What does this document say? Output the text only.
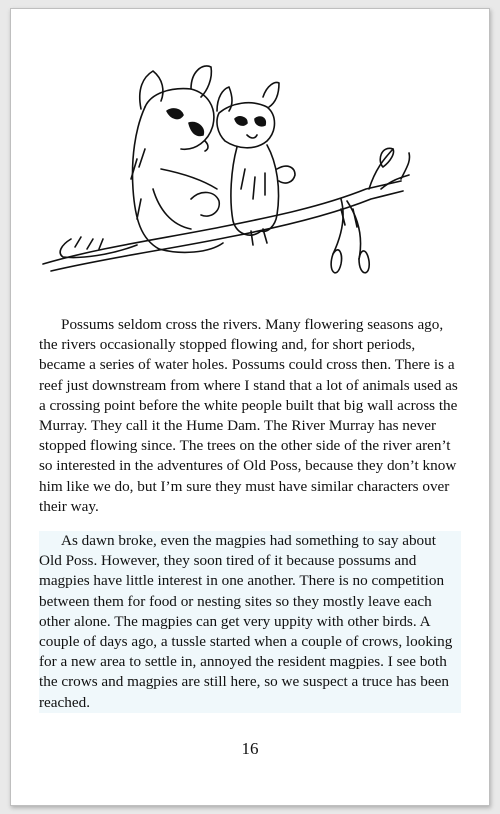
Possums seldom cross the rivers. Many flowering seasons ago, the rivers occasionally stopped flowing and, for short periods, became a series of water holes. Possums could cross then. There is a reef just downstream from where I stand that a lot of animals used as a crossing point before the white people built that big wall across the Murray. They call it the Hume Dam. The River Murray has never stopped flowing since. The trees on the other side of the river aren’t so interested in the adventures of Old Poss, because they don’t know him like we do, but I’m sure they must have similar characters over their way.

As dawn broke, even the magpies had something to say about Old Poss. However, they soon tired of it because possums and magpies have little interest in one another. There is no competition between them for food or nesting sites so they mostly leave each other alone. The magpies can get very uppity with other birds. A couple of days ago, a tussle started when a couple of crows, looking for a new area to settle in, annoyed the resident magpies. I see both the crows and magpies are still here, so we suspect a truce has been reached.

16
